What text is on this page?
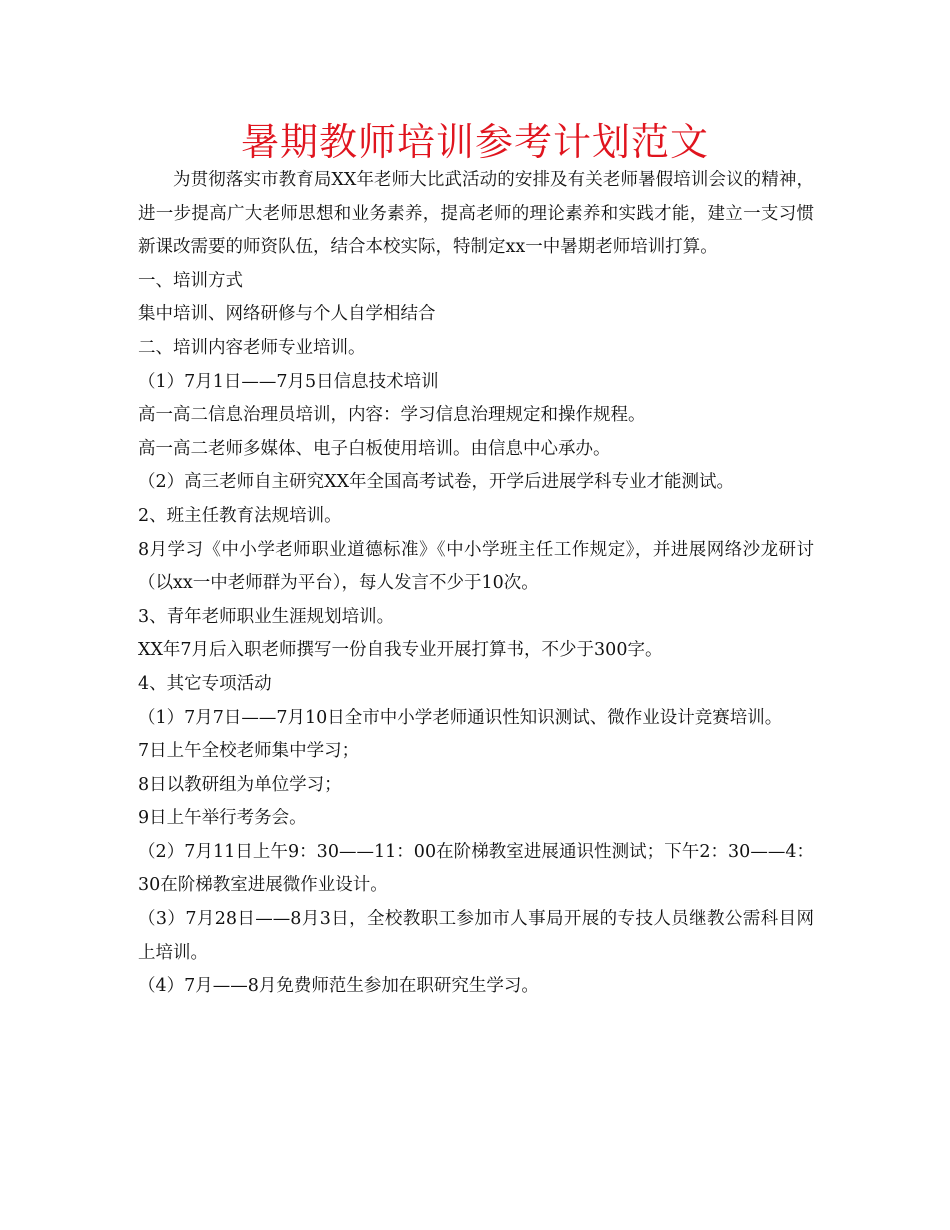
暑期教师培训参考计划范文

为贯彻落实市教育局XX年老师大比武活动的安排及有关老师暑假培训会议的精神，进一步提高广大老师思想和业务素养，提高老师的理论素养和实践才能，建立一支习惯新课改需要的师资队伍，结合本校实际，特制定xx一中暑期老师培训打算。

一、培训方式

集中培训、网络研修与个人自学相结合

二、培训内容老师专业培训。

（1）7月1日——7月5日信息技术培训

高一高二信息治理员培训，内容：学习信息治理规定和操作规程。

高一高二老师多媒体、电子白板使用培训。由信息中心承办。

（2）高三老师自主研究XX年全国高考试卷，开学后进展学科专业才能测试。

2、班主任教育法规培训。

8月学习《中小学老师职业道德标准》《中小学班主任工作规定》，并进展网络沙龙研讨（以xx一中老师群为平台），每人发言不少于10次。

3、青年老师职业生涯规划培训。

XX年7月后入职老师撰写一份自我专业开展打算书，不少于300字。

4、其它专项活动

（1）7月7日——7月10日全市中小学老师通识性知识测试、微作业设计竞赛培训。

7日上午全校老师集中学习；

8日以教研组为单位学习；

9日上午举行考务会。

（2）7月11日上午9：30——11：00在阶梯教室进展通识性测试；下午2：30——4：30在阶梯教室进展微作业设计。

（3）7月28日——8月3日，全校教职工参加市人事局开展的专技人员继教公需科目网上培训。

（4）7月——8月免费师范生参加在职研究生学习。
